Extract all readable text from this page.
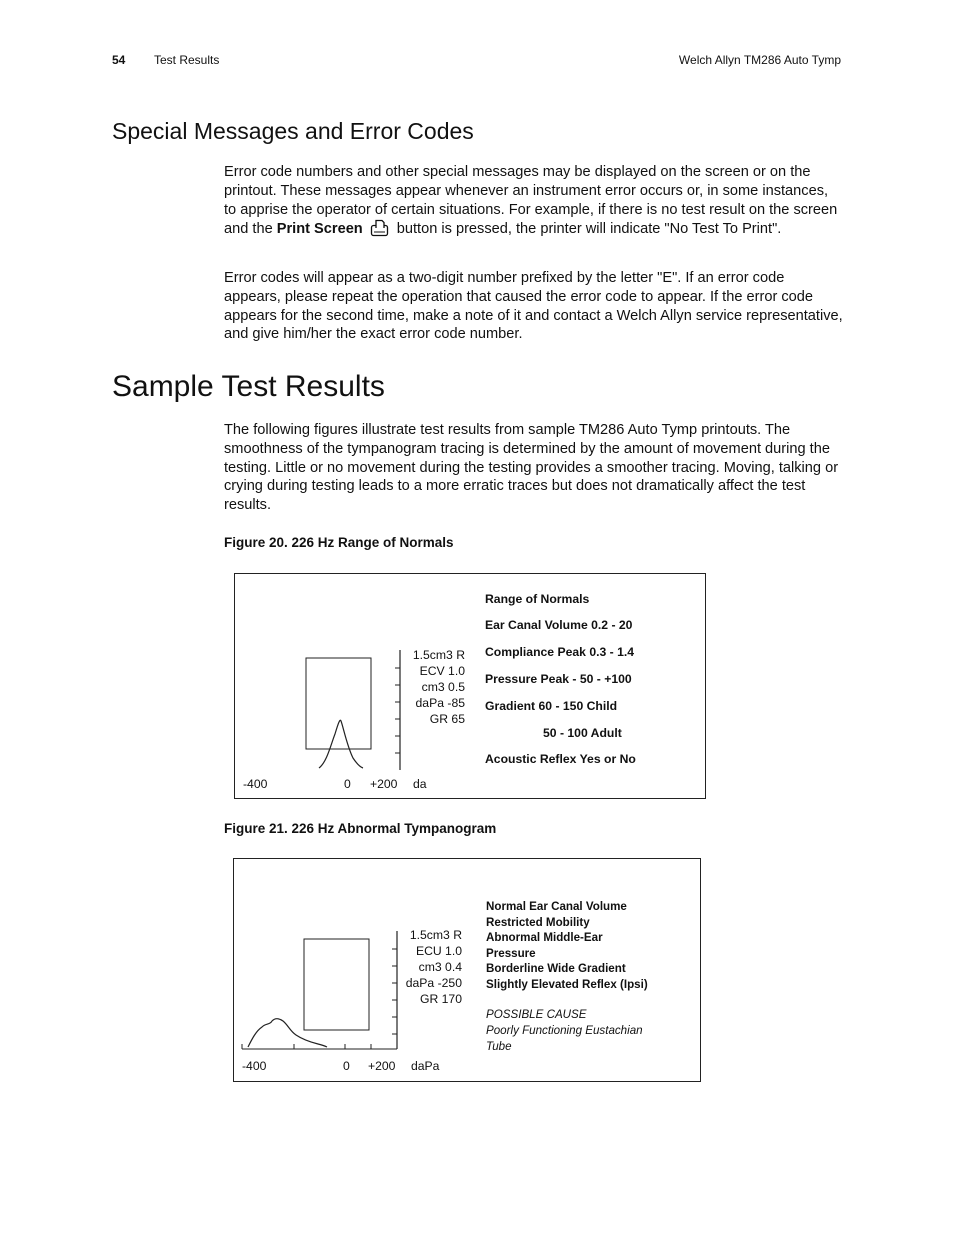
54 Test Results	Welch Allyn TM286 Auto Tymp
Special Messages and Error Codes

Error code numbers and other special messages may be displayed on the screen or on the printout. These messages appear whenever an instrument error occurs or, in some instances, to apprise the operator of certain situations. For example, if there is no test result on the screen and the Print Screen button is pressed, the printer will indicate "No Test To Print".

Error codes will appear as a two-digit number prefixed by the letter "E". If an error code appears, please repeat the operation that caused the error code to appear. If the error code appears for the second time, make a note of it and contact a Welch Allyn service representative, and give him/her the exact error code number.

Sample Test Results

The following figures illustrate test results from sample TM286 Auto Tymp printouts. The smoothness of the tympanogram tracing is determined by the amount of movement during the testing. Little or no movement during the testing provides a smoother tracing. Moving, talking or crying during testing leads to a more erratic traces but does not dramatically affect the test results.

Figure 20. 226 Hz Range of Normals
1.5cm3 R
ECV 1.0
cm3 0.5
daPa -85
GR 65
-400	0 +200 da
Range of Normals
Ear Canal Volume 0.2 - 20
Compliance Peak 0.3 - 1.4
Pressure Peak - 50 - +100
Gradient 60 - 150 Child
50 - 100 Adult
Acoustic Reflex Yes or No
Figure 21. 226 Hz Abnormal Tympanogram
1.5cm3 R
ECU 1.0
cm3 0.4
daPa -250
GR 170
-400	0 +200 daPa
Normal Ear Canal Volume
Restricted Mobility
Abnormal Middle-Ear
Pressure
Borderline Wide Gradient
Slightly Elevated Reflex (Ipsi)
POSSIBLE CAUSE
Poorly Functioning Eustachian
Tube
